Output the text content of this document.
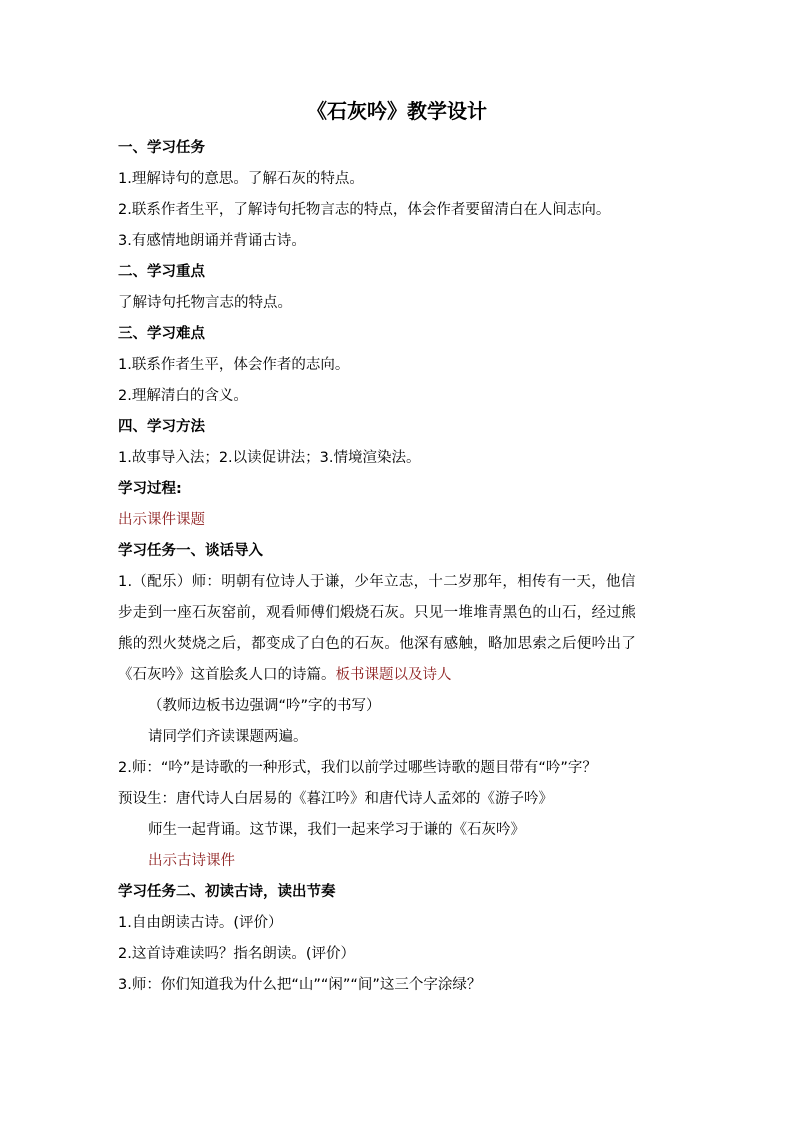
《石灰吟》教学设计
一、学习任务
1.理解诗句的意思。了解石灰的特点。
2.联系作者生平，了解诗句托物言志的特点，体会作者要留清白在人间志向。
3.有感情地朗诵并背诵古诗。
二、学习重点
了解诗句托物言志的特点。
三、学习难点
1.联系作者生平，体会作者的志向。
2.理解清白的含义。
四、学习方法
1.故事导入法；2.以读促讲法；3.情境渲染法。
学习过程:
出示课件课题
学习任务一、谈话导入
1.（配乐）师：明朝有位诗人于谦，少年立志，十二岁那年，相传有一天，他信
步走到一座石灰窑前，观看师傅们煅烧石灰。只见一堆堆青黑色的山石，经过熊
熊的烈火焚烧之后，都变成了白色的石灰。他深有感触，略加思索之后便吟出了
《石灰吟》这首脍炙人口的诗篇。板书课题以及诗人
（教师边板书边强调“吟”字的书写）
请同学们齐读课题两遍。
2.师：“吟”是诗歌的一种形式，我们以前学过哪些诗歌的题目带有“吟”字？
预设生：唐代诗人白居易的《暮江吟》和唐代诗人孟郊的《游子吟》
师生一起背诵。这节课，我们一起来学习于谦的《石灰吟》
出示古诗课件
学习任务二、初读古诗，读出节奏
1.自由朗读古诗。(评价）
2.这首诗难读吗？指名朗读。(评价）
3.师：你们知道我为什么把“山”“闲”“间”这三个字涂绿？
